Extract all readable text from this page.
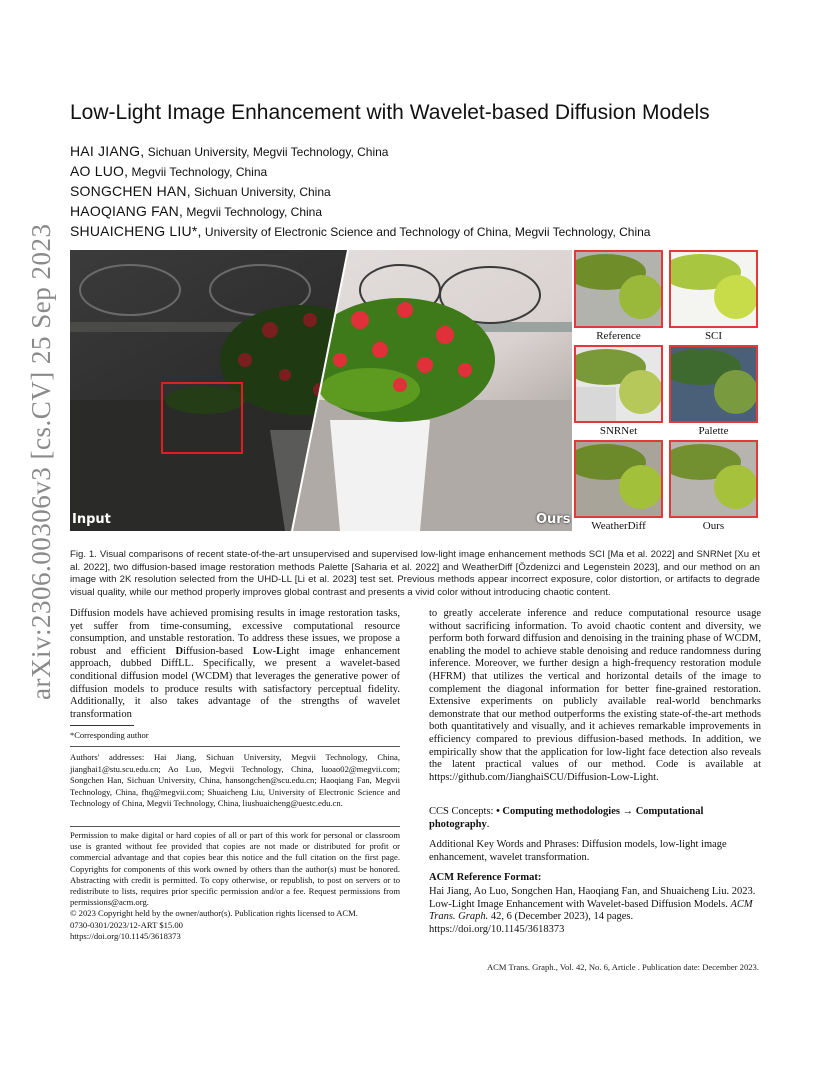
arXiv:2306.00306v3 [cs.CV] 25 Sep 2023
Low-Light Image Enhancement with Wavelet-based Diffusion Models
HAI JIANG, Sichuan University, Megvii Technology, China
AO LUO, Megvii Technology, China
SONGCHEN HAN, Sichuan University, China
HAOQIANG FAN, Megvii Technology, China
SHUAICHENG LIU*, University of Electronic Science and Technology of China, Megvii Technology, China
Input	Ours
Reference	SCI
SNRNet	Palette
WeatherDiff	Ours

Fig. 1. Visual comparisons of recent state-of-the-art unsupervised and supervised low-light image enhancement methods SCI [Ma et al. 2022] and SNRNet [Xu et al. 2022], two diffusion-based image restoration methods Palette [Saharia et al. 2022] and WeatherDiff [Özdenizci and Legenstein 2023], and our method on an image with 2K resolution selected from the UHD-LL [Li et al. 2023] test set. Previous methods appear incorrect exposure, color distortion, or artifacts to degrade visual quality, while our method properly improves global contrast and presents a vivid color without introducing chaotic content.

Diffusion models have achieved promising results in image restoration tasks, yet suffer from time-consuming, excessive computational resource consumption, and unstable restoration. To address these issues, we propose a robust and efficient Diffusion-based Low-Light image enhancement approach, dubbed DiffLL. Specifically, we present a wavelet-based conditional diffusion model (WCDM) that leverages the generative power of diffusion models to produce results with satisfactory perceptual fidelity. Additionally, it also takes advantage of the strengths of wavelet transformation

to greatly accelerate inference and reduce computational resource usage without sacrificing information. To avoid chaotic content and diversity, we perform both forward diffusion and denoising in the training phase of WCDM, enabling the model to achieve stable denoising and reduce randomness during inference. Moreover, we further design a high-frequency restoration module (HFRM) that utilizes the vertical and horizontal details of the image to complement the diagonal information for better fine-grained restoration. Extensive experiments on publicly available real-world benchmarks demonstrate that our method outperforms the existing state-of-the-art methods both quantitatively and visually, and it achieves remarkable improvements in efficiency compared to previous diffusion-based methods. In addition, we empirically show that the application for low-light face detection also reveals the latent practical values of our method. Code is available at https://github.com/JianghaiSCU/Diffusion-Low-Light.

*Corresponding author

Authors' addresses: Hai Jiang, Sichuan University, Megvii Technology, China, jianghai1@stu.scu.edu.cn; Ao Luo, Megvii Technology, China, luoao02@megvii.com; Songchen Han, Sichuan University, China, hansongchen@scu.edu.cn; Haoqiang Fan, Megvii Technology, China, fhq@megvii.com; Shuaicheng Liu, University of Electronic Science and Technology of China, Megvii Technology, China, liushuaicheng@uestc.edu.cn.

Permission to make digital or hard copies of all or part of this work for personal or classroom use is granted without fee provided that copies are not made or distributed for profit or commercial advantage and that copies bear this notice and the full citation on the first page. Copyrights for components of this work owned by others than the author(s) must be honored. Abstracting with credit is permitted. To copy otherwise, or republish, to post on servers or to redistribute to lists, requires prior specific permission and/or a fee. Request permissions from permissions@acm.org.

© 2023 Copyright held by the owner/author(s). Publication rights licensed to ACM.

0730-0301/2023/12-ART $15.00

https://doi.org/10.1145/3618373

CCS Concepts: • Computing methodologies → Computational photography.

Additional Key Words and Phrases: Diffusion models, low-light image enhancement, wavelet transformation.

ACM Reference Format:

Hai Jiang, Ao Luo, Songchen Han, Haoqiang Fan, and Shuaicheng Liu. 2023. Low-Light Image Enhancement with Wavelet-based Diffusion Models. ACM Trans. Graph. 42, 6 (December 2023), 14 pages. https://doi.org/10.1145/3618373

ACM Trans. Graph., Vol. 42, No. 6, Article . Publication date: December 2023.
